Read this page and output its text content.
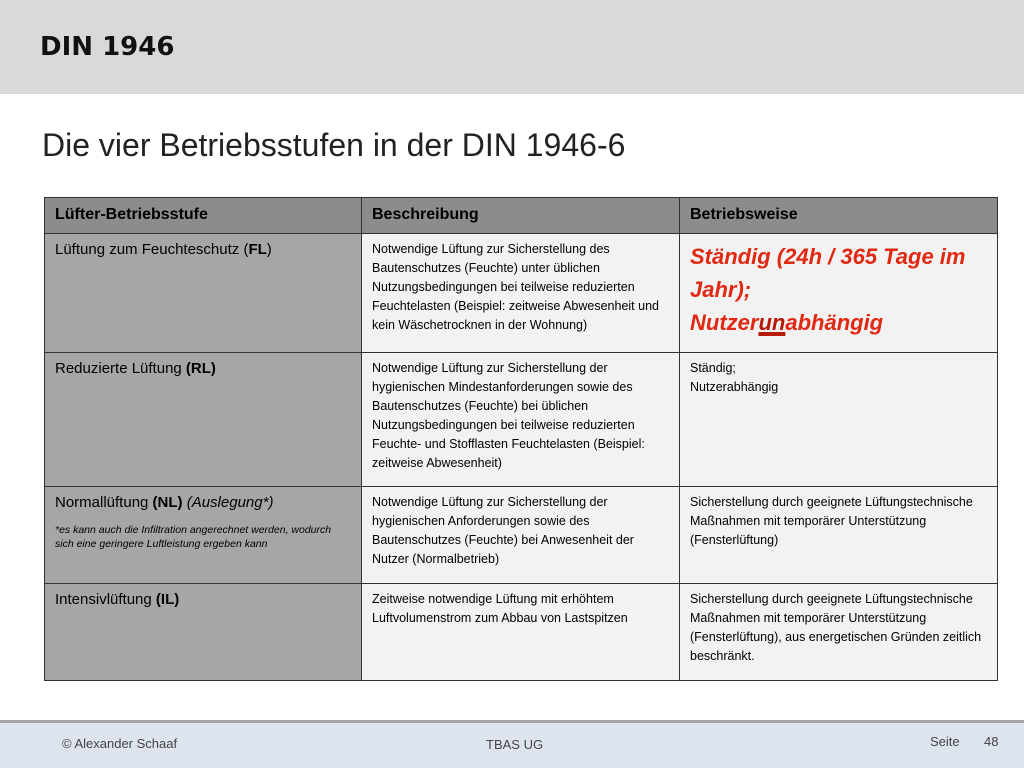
DIN 1946
Die vier Betriebsstufen in der DIN 1946-6
Lüfter-Betriebsstufe	Beschreibung	Betriebsweise
Lüftung zum Feuchteschutz (FL)	Notwendige Lüftung zur Sicherstellung des Bautenschutzes (Feuchte) unter üblichen Nutzungsbedingungen bei teilweise reduzierten Feuchtelasten (Beispiel: zeitweise Abwesenheit und kein Wäschetrocknen in der Wohnung)	Ständig (24h / 365 Tage im Jahr);
Nutzerunabhängig

Reduzierte Lüftung (RL)	Notwendige Lüftung zur Sicherstellung der hygienischen Mindestanforderungen sowie des Bautenschutzes (Feuchte) bei üblichen Nutzungsbedingungen bei teilweise reduzierten Feuchte- und Stofflasten Feuchtelasten (Beispiel: zeitweise Abwesenheit)	Ständig;
Nutzerabhängig
Normallüftung (NL) (Auslegung*)
*es kann auch die Infiltration angerechnet werden, wodurch sich eine geringere Luftleistung ergeben kann	Notwendige Lüftung zur Sicherstellung der hygienischen Anforderungen sowie des Bautenschutzes (Feuchte) bei Anwesenheit der Nutzer (Normalbetrieb)	Sicherstellung durch geeignete Lüftungstechnische Maßnahmen mit temporärer Unterstützung (Fensterlüftung)
Intensivlüftung (IL)	Zeitweise notwendige Lüftung mit erhöhtem Luftvolumenstrom zum Abbau von Lastspitzen	Sicherstellung durch geeignete Lüftungstechnische Maßnahmen mit temporärer Unterstützung (Fensterlüftung), aus energetischen Gründen zeitlich beschränkt.
© Alexander Schaaf	TBAS UG	Seite 48
